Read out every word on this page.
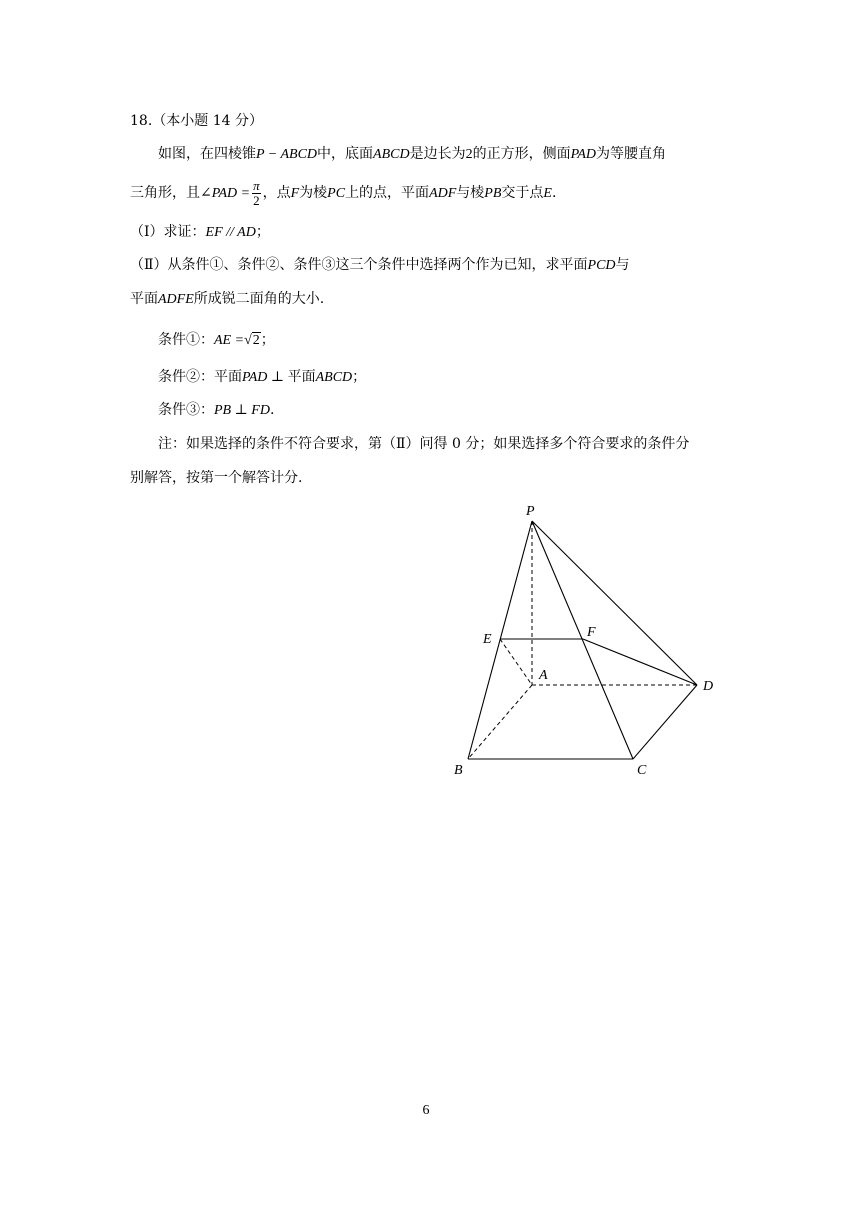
18.（本小题 14 分）
如图，在四棱锥P − ABCD中，底面ABCD是边长为2的正方形，侧面PAD为等腰直角
三角形，且∠PAD = $\frac{\pi}{2}$ ，点F为棱PC上的点，平面ADF与棱PB交于点E.
（Ⅰ）求证：EF // AD；
（Ⅱ）从条件①、条件②、条件③这三个条件中选择两个作为已知，求平面PCD与
平面ADFE所成锐二面角的大小.
条件①：AE =√2；
条件②：平面PAD ⊥ 平面ABCD；
条件③：PB ⊥ FD.
注：如果选择的条件不符合要求，第（Ⅱ）问得 0 分；如果选择多个符合要求的条件分
别解答，按第一个解答计分.
P
E	F
A
D
B	C
6
